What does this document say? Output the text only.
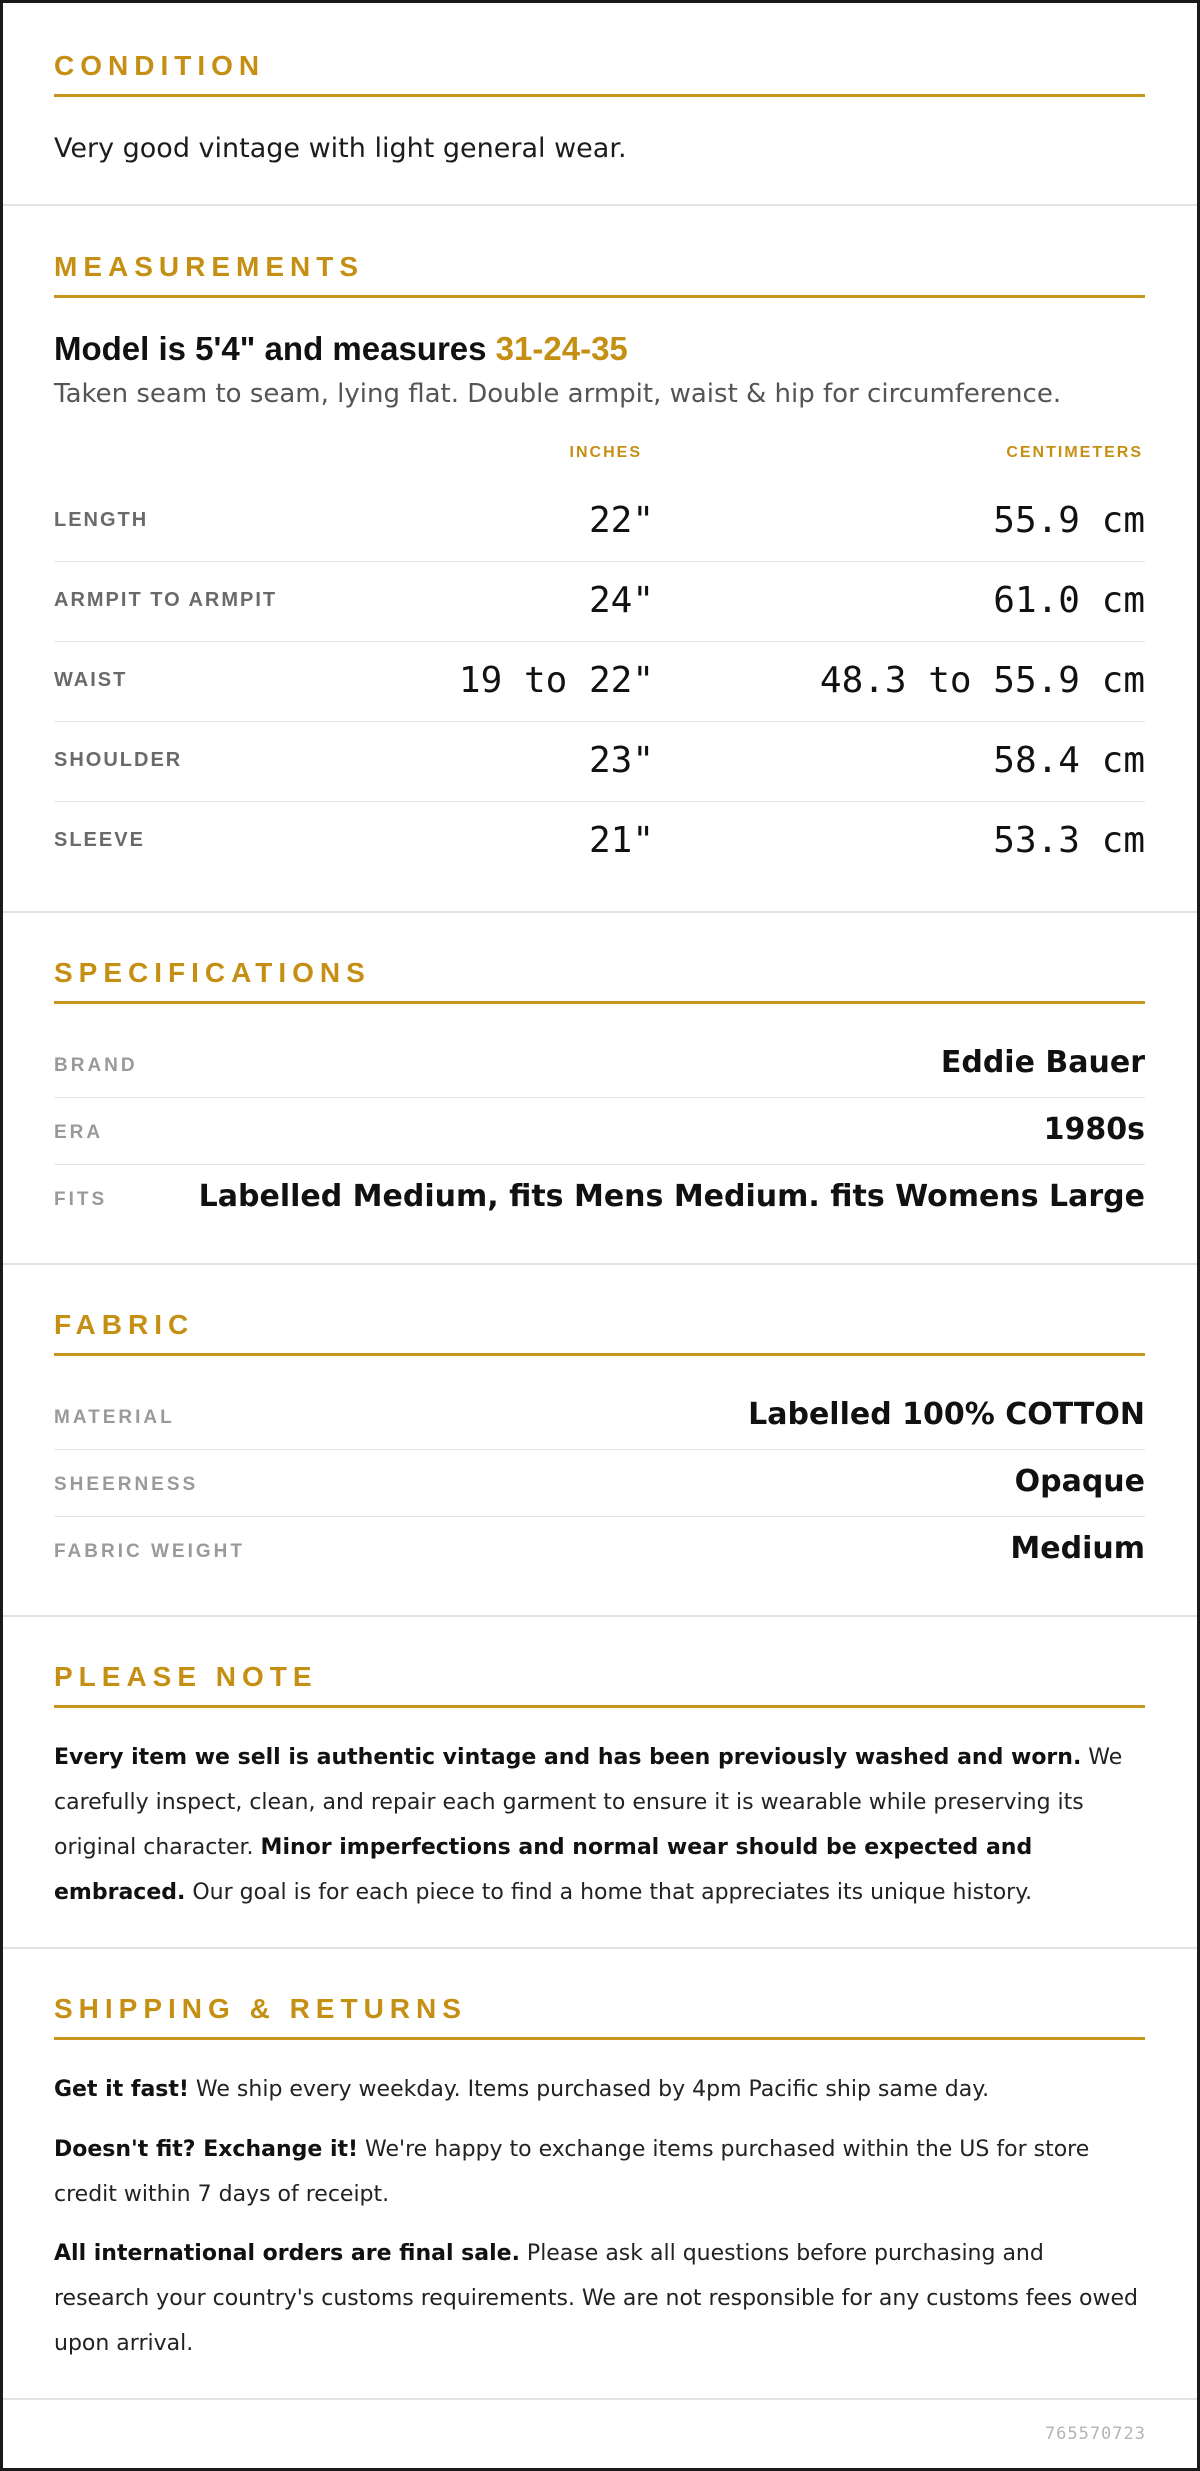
CONDITION
Very good vintage with light general wear.
MEASUREMENTS
Model is 5'4" and measures 31-24-35
Taken seam to seam, lying flat. Double armpit, waist & hip for circumference.
INCHES	CENTIMETERS
LENGTH	22"	55.9 cm
ARMPIT TO ARMPIT	24"	61.0 cm
WAIST	19 to 22"	48.3 to 55.9 cm
SHOULDER	23"	58.4 cm
SLEEVE	21"	53.3 cm
SPECIFICATIONS
BRAND	Eddie Bauer
ERA	1980s
FITS	Labelled Medium, fits Mens Medium. fits Womens Large
FABRIC
MATERIAL	Labelled 100% COTTON
SHEERNESS	Opaque
FABRIC WEIGHT	Medium
PLEASE NOTE
Every item we sell is authentic vintage and has been previously washed and worn. We carefully inspect, clean, and repair each garment to ensure it is wearable while preserving its original character. Minor imperfections and normal wear should be expected and embraced. Our goal is for each piece to find a home that appreciates its unique history.
SHIPPING & RETURNS
Get it fast! We ship every weekday. Items purchased by 4pm Pacific ship same day.
Doesn't fit? Exchange it! We're happy to exchange items purchased within the US for store credit within 7 days of receipt.
All international orders are final sale. Please ask all questions before purchasing and research your country's customs requirements. We are not responsible for any customs fees owed upon arrival.
765570723
